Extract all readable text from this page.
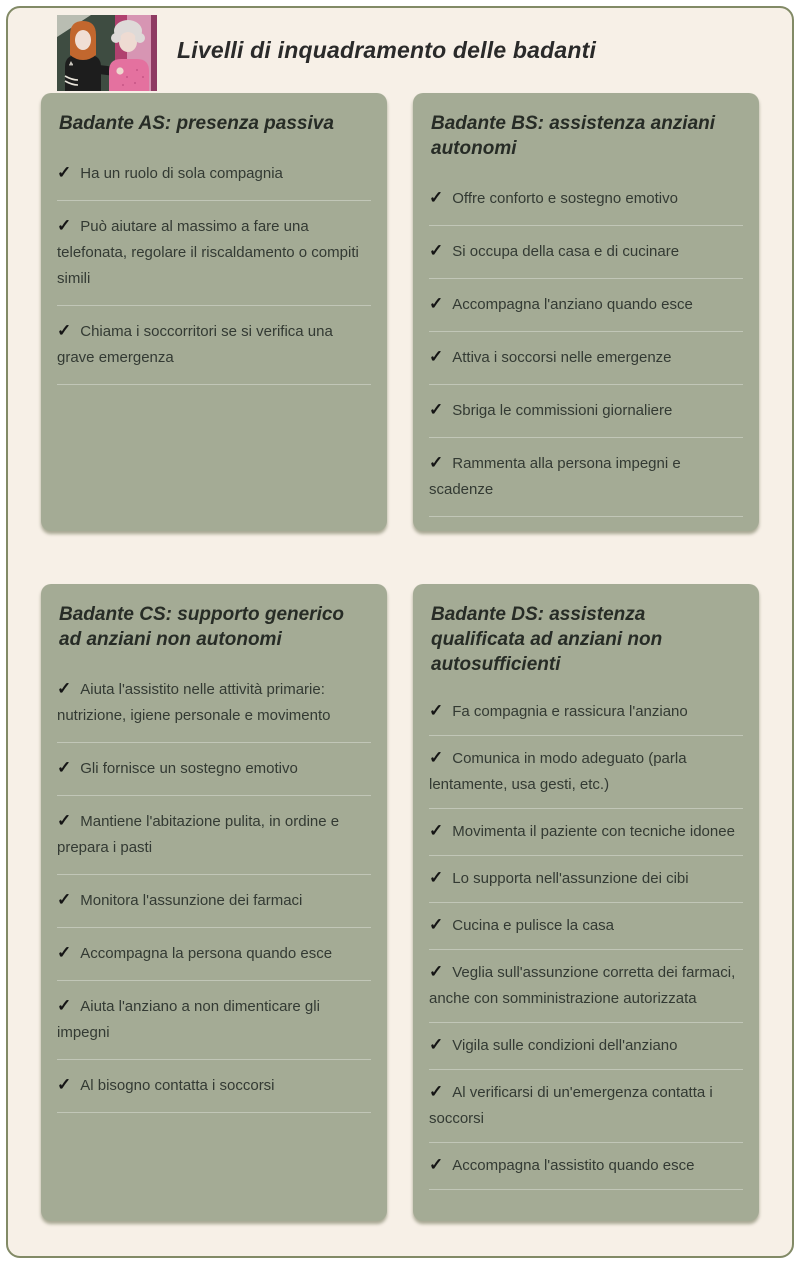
Livelli di inquadramento delle badanti
Badante AS: presenza passiva
✓ Ha un ruolo di sola compagnia
✓ Può aiutare al massimo a fare una telefonata, regolare il riscaldamento o compiti simili
✓ Chiama i soccorritori se si verifica una grave emergenza
Badante BS: assistenza anziani autonomi
✓ Offre conforto e sostegno emotivo
✓ Si occupa della casa e di cucinare
✓ Accompagna l'anziano quando esce
✓ Attiva i soccorsi nelle emergenze
✓ Sbriga le commissioni giornaliere
✓ Rammenta alla persona impegni e scadenze
Badante CS: supporto generico ad anziani non autonomi
✓ Aiuta l'assistito nelle attività primarie: nutrizione, igiene personale e movimento
✓ Gli fornisce un sostegno emotivo
✓ Mantiene l'abitazione pulita, in ordine e prepara i pasti
✓ Monitora l'assunzione dei farmaci
✓ Accompagna la persona quando esce
✓ Aiuta l'anziano a non dimenticare gli impegni
✓ Al bisogno contatta i soccorsi
Badante DS: assistenza qualificata ad anziani non autosufficienti
✓ Fa compagnia e rassicura l'anziano
✓ Comunica in modo adeguato (parla lentamente, usa gesti, etc.)
✓ Movimenta il paziente con tecniche idonee
✓ Lo supporta nell'assunzione dei cibi
✓ Cucina e pulisce la casa
✓ Veglia sull'assunzione corretta dei farmaci, anche con somministrazione autorizzata
✓ Vigila sulle condizioni dell'anziano
✓ Al verificarsi di un'emergenza contatta i soccorsi
✓ Accompagna l'assistito quando esce
